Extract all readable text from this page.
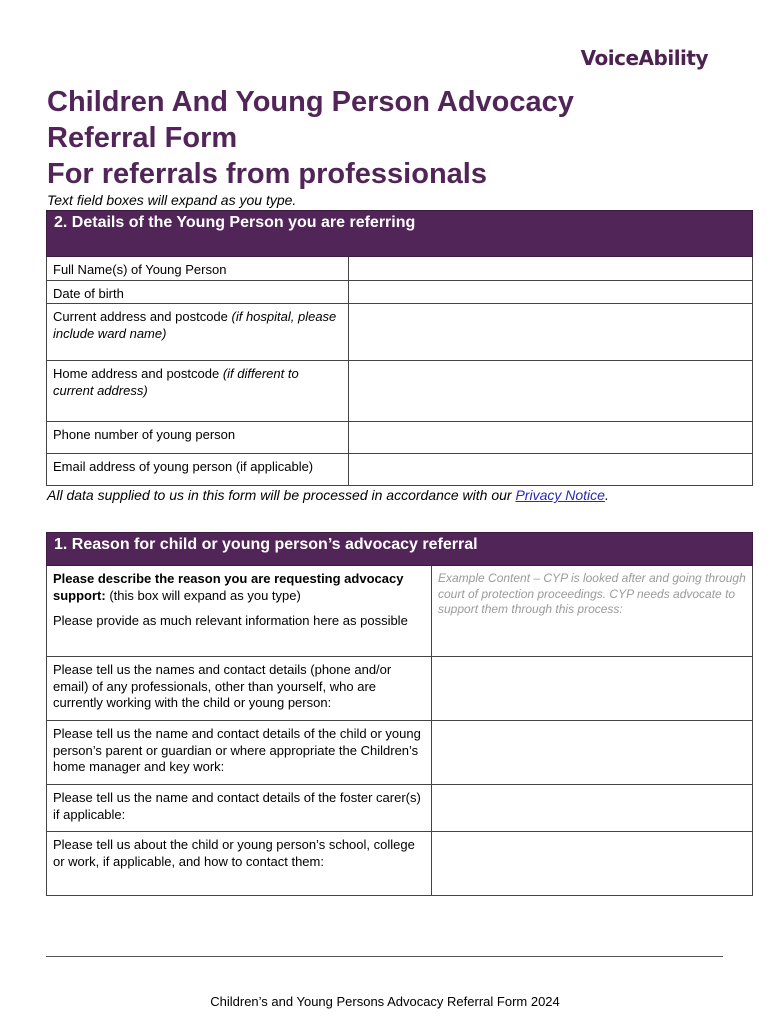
VoiceAbility
Children And Young Person Advocacy
Referral Form
For referrals from professionals
Text field boxes will expand as you type.
2. Details of the Young Person you are referring	
Full Name(s) of Young Person	
Date of birth	
Current address and postcode (if hospital, please include ward name)	
Home address and postcode (if different to current address)	
Phone number of young person	
Email address of young person (if applicable)	
All data supplied to us in this form will be processed in accordance with our Privacy Notice.
1. Reason for child or young person’s advocacy referral	

Please describe the reason you are requesting advocacy support: (this box will expand as you type)

Please provide as much relevant information here as possible	Example Content – CYP is looked after and going through court of protection proceedings. CYP needs advocate to support them through this process:
Please tell us the names and contact details (phone and/or email) of any professionals, other than yourself, who are currently working with the child or young person:	
Please tell us the name and contact details of the child or young person’s parent or guardian or where appropriate the Children’s home manager and key work:	
Please tell us the name and contact details of the foster carer(s) if applicable:	
Please tell us about the child or young person’s school, college or work, if applicable, and how to contact them:	
Children’s and Young Persons Advocacy Referral Form 2024
